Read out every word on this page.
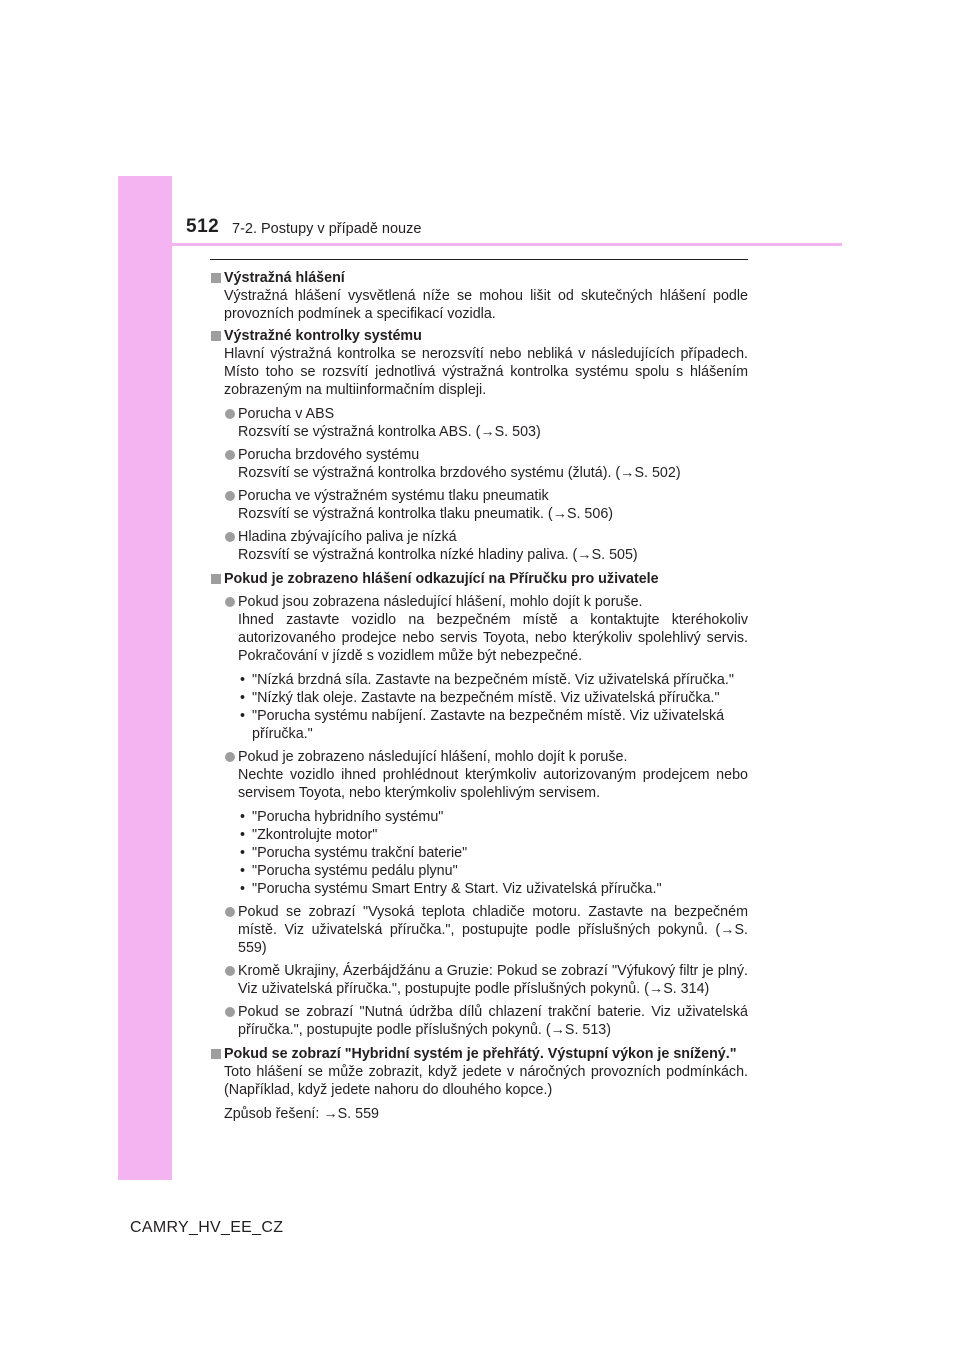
512 7-2. Postupy v případě nouze
Výstražná hlášení
Výstražná hlášení vysvětlená níže se mohou lišit od skutečných hlášení podle provozních podmínek a specifikací vozidla.
Výstražné kontrolky systému
Hlavní výstražná kontrolka se nerozsvítí nebo nebliká v následujících případech. Místo toho se rozsvítí jednotlivá výstražná kontrolka systému spolu s hlášením zobrazeným na multiinformačním displeji.
Porucha v ABS
Rozsvítí se výstražná kontrolka ABS. (→S. 503)
Porucha brzdového systému
Rozsvítí se výstražná kontrolka brzdového systému (žlutá). (→S. 502)
Porucha ve výstražném systému tlaku pneumatik
Rozsvítí se výstražná kontrolka tlaku pneumatik. (→S. 506)
Hladina zbývajícího paliva je nízká
Rozsvítí se výstražná kontrolka nízké hladiny paliva. (→S. 505)
Pokud je zobrazeno hlášení odkazující na Příručku pro uživatele
Pokud jsou zobrazena následující hlášení, mohlo dojít k poruše.
Ihned zastavte vozidlo na bezpečném místě a kontaktujte kteréhokoliv autorizovaného prodejce nebo servis Toyota, nebo kterýkoliv spolehlivý servis. Pokračování v jízdě s vozidlem může být nebezpečné.
• "Nízká brzdná síla. Zastavte na bezpečném místě. Viz uživatelská příručka."
• "Nízký tlak oleje. Zastavte na bezpečném místě. Viz uživatelská příručka."
• "Porucha systému nabíjení. Zastavte na bezpečném místě. Viz uživatelská příručka."
Pokud je zobrazeno následující hlášení, mohlo dojít k poruše.
Nechte vozidlo ihned prohlédnout kterýmkoliv autorizovaným prodejcem nebo servisem Toyota, nebo kterýmkoliv spolehlivým servisem.
• "Porucha hybridního systému"
• "Zkontrolujte motor"
• "Porucha systému trakční baterie"
• "Porucha systému pedálu plynu"
• "Porucha systému Smart Entry & Start. Viz uživatelská příručka."
Pokud se zobrazí "Vysoká teplota chladiče motoru. Zastavte na bezpečném místě. Viz uživatelská příručka.", postupujte podle příslušných pokynů. (→S. 559)
Kromě Ukrajiny, Ázerbájdžánu a Gruzie: Pokud se zobrazí "Výfukový filtr je plný. Viz uživatelská příručka.", postupujte podle příslušných pokynů. (→S. 314)
Pokud se zobrazí "Nutná údržba dílů chlazení trakční baterie. Viz uživatelská příručka.", postupujte podle příslušných pokynů. (→S. 513)
Pokud se zobrazí "Hybridní systém je přehřátý. Výstupní výkon je snížený."
Toto hlášení se může zobrazit, když jedete v náročných provozních podmínkách. (Například, když jedete nahoru do dlouhého kopce.)
Způsob řešení: →S. 559
CAMRY_HV_EE_CZ
